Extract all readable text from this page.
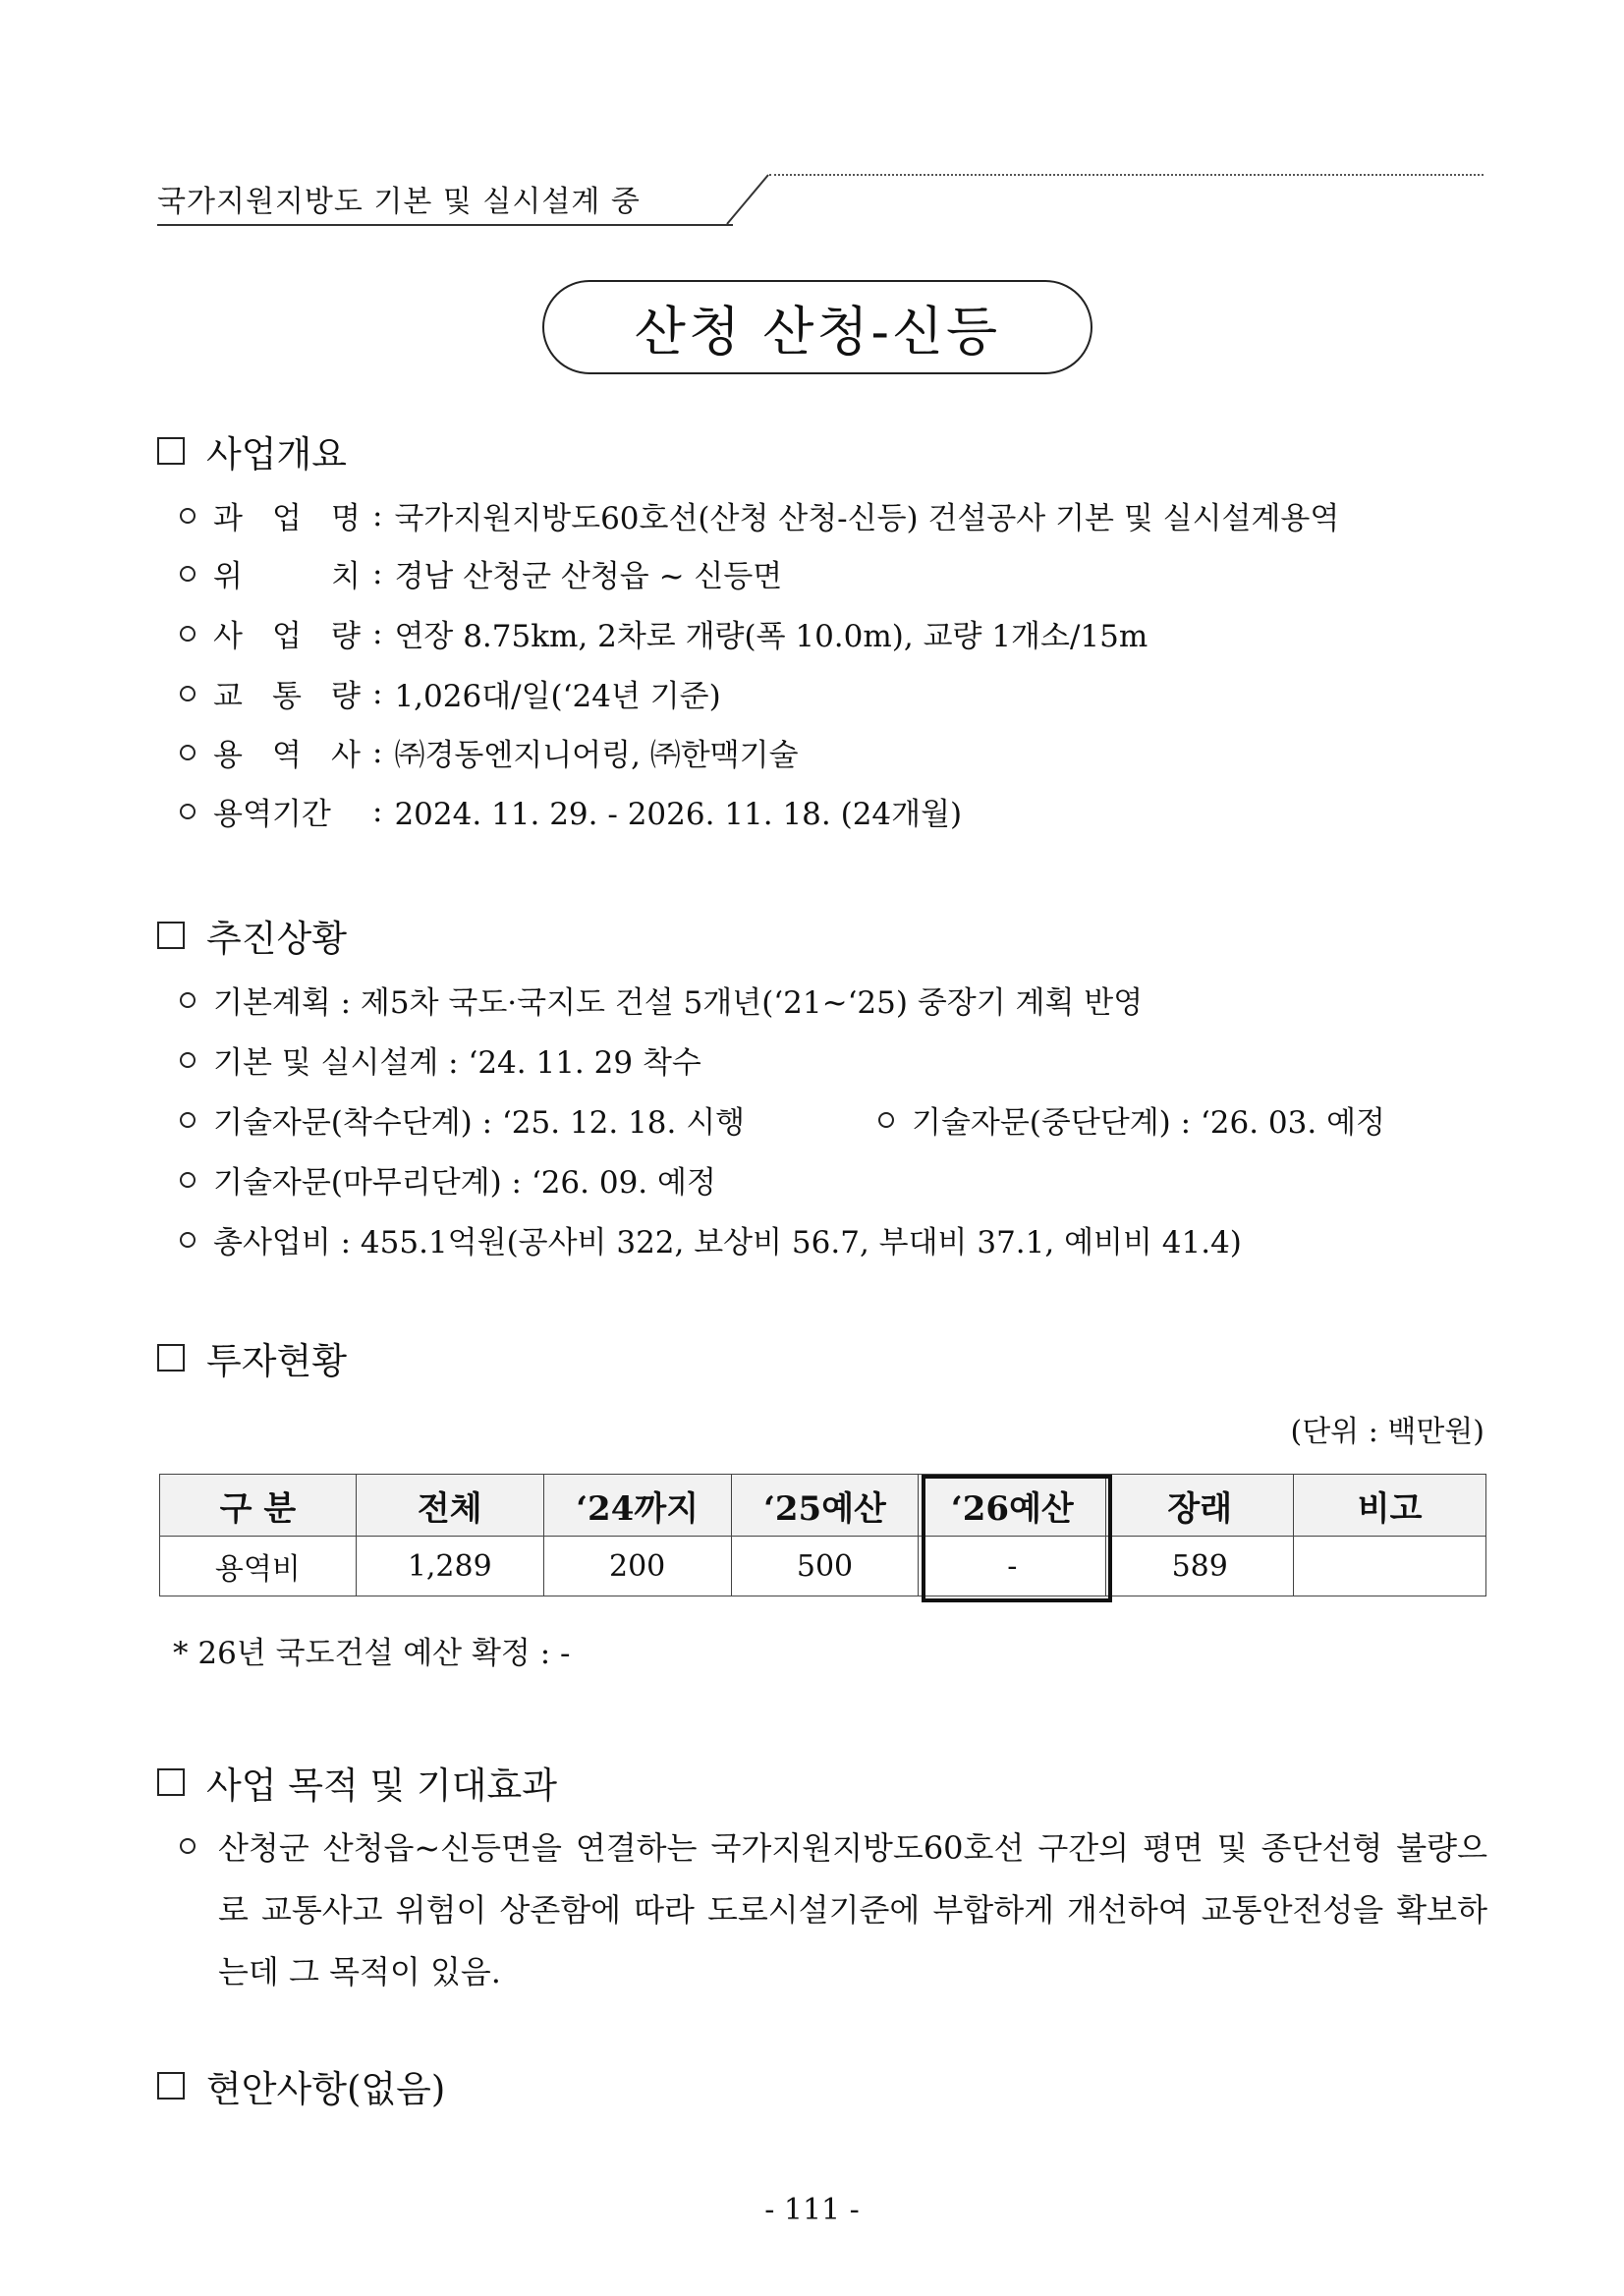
국가지원지방도 기본 및 실시설계 중
산청 산청-신등
사업개요
과 업 명 : 국가지원지방도60호선(산청 산청-신등) 건설공사 기본 및 실시설계용역
위	치 : 경남 산청군 산청읍 ~ 신등면
사 업 량 : 연장 8.75km, 2차로 개량(폭 10.0m), 교량 1개소/15m
교 통 량 : 1,026대/일(‘24년 기준)
용 역 사 : ㈜경동엔지니어링, ㈜한맥기술
용역기간	: 2024. 11. 29. - 2026. 11. 18. (24개월)
추진상황
기본계획 : 제5차 국도·국지도 건설 5개년(‘21~‘25) 중장기 계획 반영
기본 및 실시설계 : ‘24. 11. 29 착수
기술자문(착수단계) : ‘25. 12. 18. 시행	기술자문(중단단계) : ‘26. 03. 예정
기술자문(마무리단계) : ‘26. 09. 예정
총사업비 : 455.1억원(공사비 322, 보상비 56.7, 부대비 37.1, 예비비 41.4)
투자현황
(단위 : 백만원)
구 분	전체	‘24까지	‘25예산	‘26예산	장래	비고
용역비	1,289	200	500	-	589	
* 26년 국도건설 예산 확정 : -
사업 목적 및 기대효과
산청군 산청읍~신등면을 연결하는 국가지원지방도60호선 구간의 평면 및 종단선형 불량으로 교통사고 위험이 상존함에 따라 도로시설기준에 부합하게 개선하여 교통안전성을 확보하는데 그 목적이 있음.
현안사항(없음)
- 111 -
